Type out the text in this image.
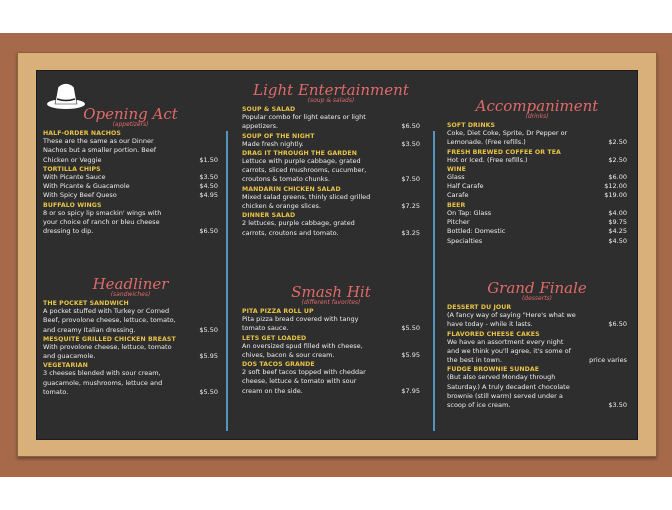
Opening Act
(appetizers)
HALF-ORDER NACHOS
These are the same as our Dinner
Nachos but a smaller portion. Beef
Chicken or Veggie	$1.50
TORTILLA CHIPS
With Picante Sauce	$3.50
With Picante & Guacamole	$4.50
With Spicy Beef Queso	$4.95
BUFFALO WINGS
8 or so spicy lip smackin' wings with
your choice of ranch or bleu cheese
dressing to dip.	$6.50
Headliner
(sandwiches)
THE POCKET SANDWICH
A pocket stuffed with Turkey or Corned
Beef, provolone cheese, lettuce, tomato,
and creamy Italian dressing.	$5.50
MESQUITE GRILLED CHICKEN BREAST
With provolone cheese, lettuce, tomato
and guacamole.	$5.95
VEGETARIAN
3 cheeses blended with sour cream,
guacamole, mushrooms, lettuce and
tomato.	$5.50
Light Entertainment
(soup & salads)
SOUP & SALAD
Popular combo for light eaters or light
appetizers.	$6.50
SOUP OF THE NIGHT
Made fresh nightly.	$3.50
DRAG IT THROUGH THE GARDEN
Lettuce with purple cabbage, grated
carrots, sliced mushrooms, cucumber,
croutons & tomato chunks.	$7.50
MANDARIN CHICKEN SALAD
Mixed salad greens, thinly sliced grilled
chicken & orange slices.	$7.25
DINNER SALAD
2 lettuces, purple cabbage, grated
carrots, croutons and tomato.	$3.25
Smash Hit
(different favorites)
PITA PIZZA ROLL UP
Pita pizza bread covered with tangy
tomato sauce.	$5.50
LETS GET LOADED
An oversized spud filled with cheese,
chives, bacon & sour cream.	$5.95
DOS TACOS GRANDE
2 soft beef tacos topped with cheddar
cheese, lettuce & tomato with sour
cream on the side.	$7.95
Accompaniment
(drinks)
SOFT DRINKS
Coke, Diet Coke, Sprite, Dr Pepper or
Lemonade. (Free refills.)	$2.50
FRESH BREWED COFFEE OR TEA
Hot or Iced. (Free refills.)	$2.50
WINE
Glass	$6.00
Half Carafe	$12.00
Carafe	$19.00
BEER
On Tap: Glass	$4.00
Pitcher	$9.75
Bottled: Domestic	$4.25
Specialties	$4.50
Grand Finale
(desserts)
DESSERT DU JOUR
(A fancy way of saying "Here's what we
have today - while it lasts.	$6.50
FLAVORED CHEESE CAKES
We have an assortment every night
and we think you'll agree, it's some of
the best in town.	price varies
FUDGE BROWNIE SUNDAE
(But also served Monday through
Saturday.) A truly decadent chocolate
brownie (still warm) served under a
scoop of ice cream.	$3.50
